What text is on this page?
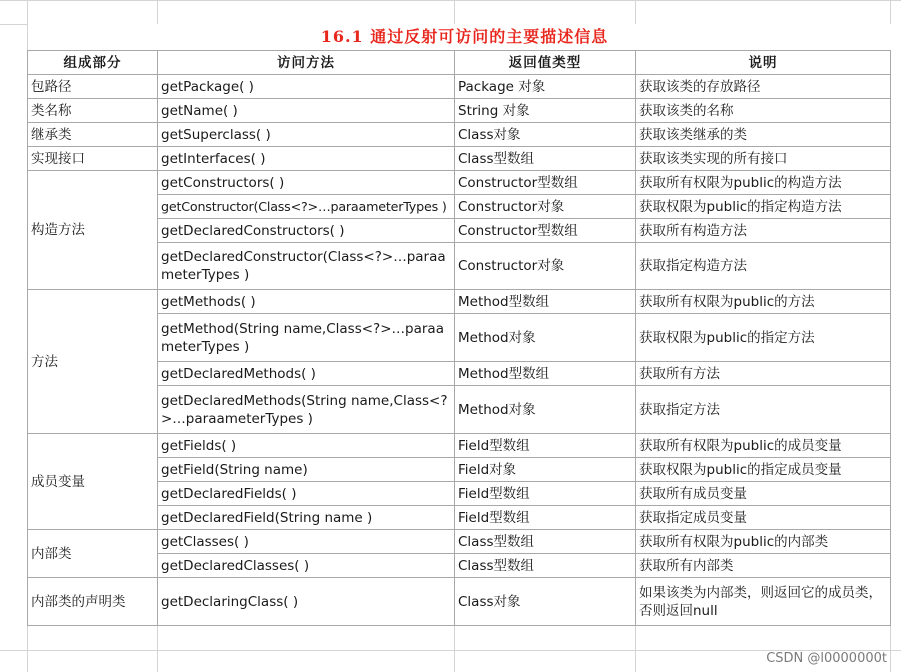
16.1 通过反射可访问的主要描述信息
组成部分	访问方法	返回值类型	说明
包路径	getPackage( )	Package 对象	获取该类的存放路径
类名称	getName( )	String 对象	获取该类的名称
继承类	getSuperclass( )	Class对象	获取该类继承的类
实现接口	getInterfaces( )	Class型数组	获取该类实现的所有接口
构造方法	getConstructors( )	Constructor型数组	获取所有权限为public的构造方法
	getConstructor(Class<?>…paraameterTypes )	Constructor对象	获取权限为public的指定构造方法
	getDeclaredConstructors( )	Constructor型数组	获取所有构造方法
	getDeclaredConstructor(Class<?>…paraameterTypes )	Constructor对象	获取指定构造方法
方法	getMethods( )	Method型数组	获取所有权限为public的方法
	getMethod(String name,Class<?>…paraameterTypes )	Method对象	获取权限为public的指定方法
	getDeclaredMethods( )	Method型数组	获取所有方法
	getDeclaredMethods(String name,Class<?>…paraameterTypes )	Method对象	获取指定方法
成员变量	getFields( )	Field型数组	获取所有权限为public的成员变量
	getField(String name)	Field对象	获取权限为public的指定成员变量
	getDeclaredFields( )	Field型数组	获取所有成员变量
	getDeclaredField(String name )	Field型数组	获取指定成员变量
内部类	getClasses( )	Class型数组	获取所有权限为public的内部类
	getDeclaredClasses( )	Class型数组	获取所有内部类
内部类的声明类	getDeclaringClass( )	Class对象	如果该类为内部类，则返回它的成员类，否则返回null
CSDN @l0000000t
